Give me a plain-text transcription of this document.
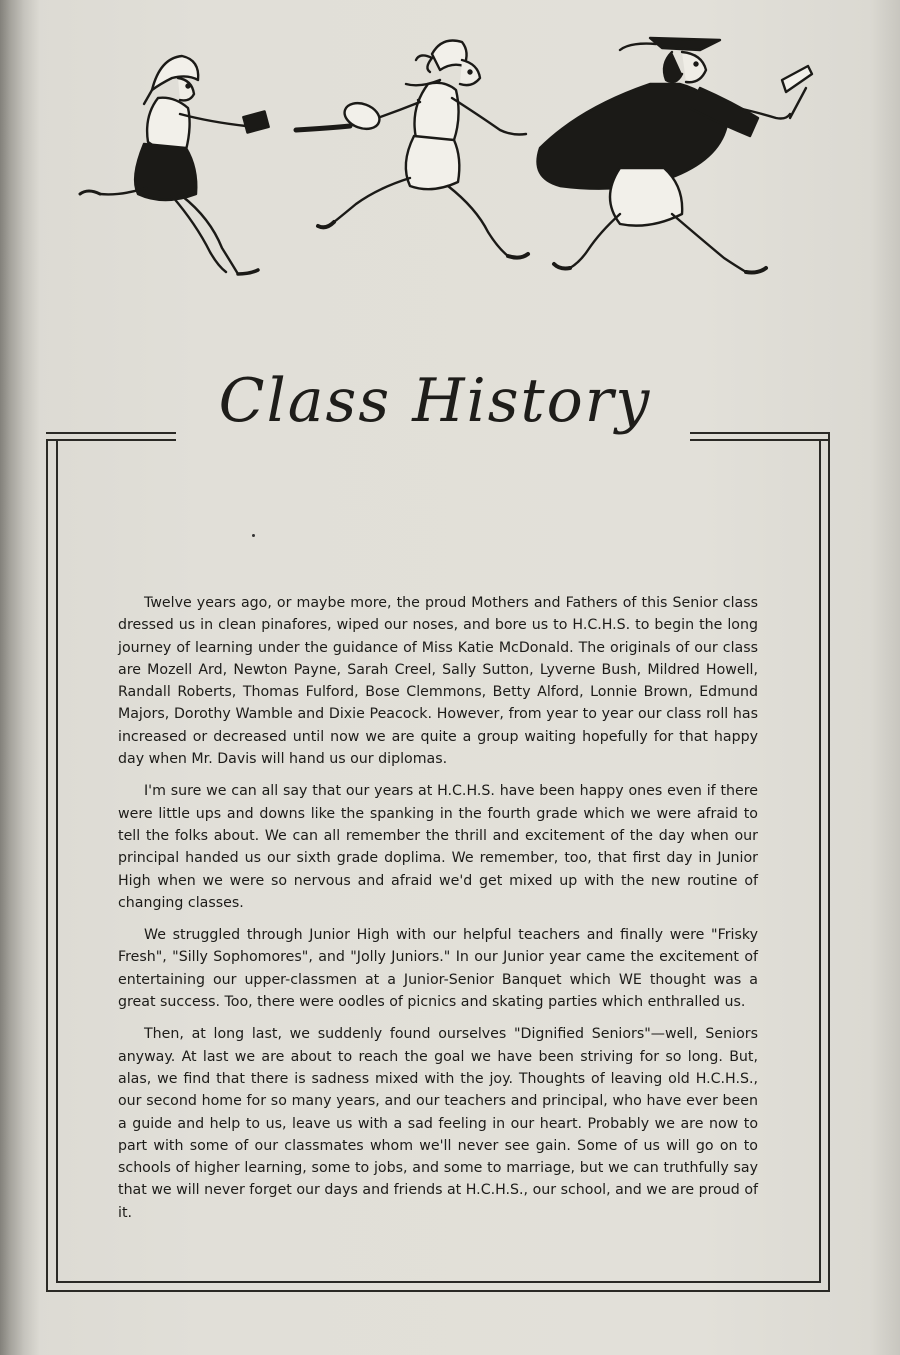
Class History

Twelve years ago, or maybe more, the proud Mothers and Fathers of this Senior class dressed us in clean pinafores, wiped our noses, and bore us to H.C.H.S. to begin the long journey of learning under the guidance of Miss Katie McDonald. The originals of our class are Mozell Ard, Newton Payne, Sarah Creel, Sally Sutton, Lyverne Bush, Mildred Howell, Randall Roberts, Thomas Fulford, Bose Clemmons, Betty Alford, Lonnie Brown, Edmund Majors, Dorothy Wamble and Dixie Peacock. However, from year to year our class roll has increased or decreased until now we are quite a group waiting hopefully for that happy day when Mr. Davis will hand us our diplomas.

I'm sure we can all say that our years at H.C.H.S. have been happy ones even if there were little ups and downs like the spanking in the fourth grade which we were afraid to tell the folks about. We can all remember the thrill and excitement of the day when our principal handed us our sixth grade doplima. We remember, too, that first day in Junior High when we were so nervous and afraid we'd get mixed up with the new routine of changing classes.

We struggled through Junior High with our helpful teachers and finally were "Frisky Fresh", "Silly Sophomores", and "Jolly Juniors." In our Junior year came the excitement of entertaining our upper-classmen at a Junior-Senior Banquet which WE thought was a great success. Too, there were oodles of picnics and skating parties which enthralled us.

Then, at long last, we suddenly found ourselves "Dignified Seniors"—well, Seniors anyway. At last we are about to reach the goal we have been striving for so long. But, alas, we find that there is sadness mixed with the joy. Thoughts of leaving old H.C.H.S., our second home for so many years, and our teachers and principal, who have ever been a guide and help to us, leave us with a sad feeling in our heart. Probably we are now to part with some of our classmates whom we'll never see gain. Some of us will go on to schools of higher learning, some to jobs, and some to marriage, but we can truthfully say that we will never forget our days and friends at H.C.H.S., our school, and we are proud of it.
